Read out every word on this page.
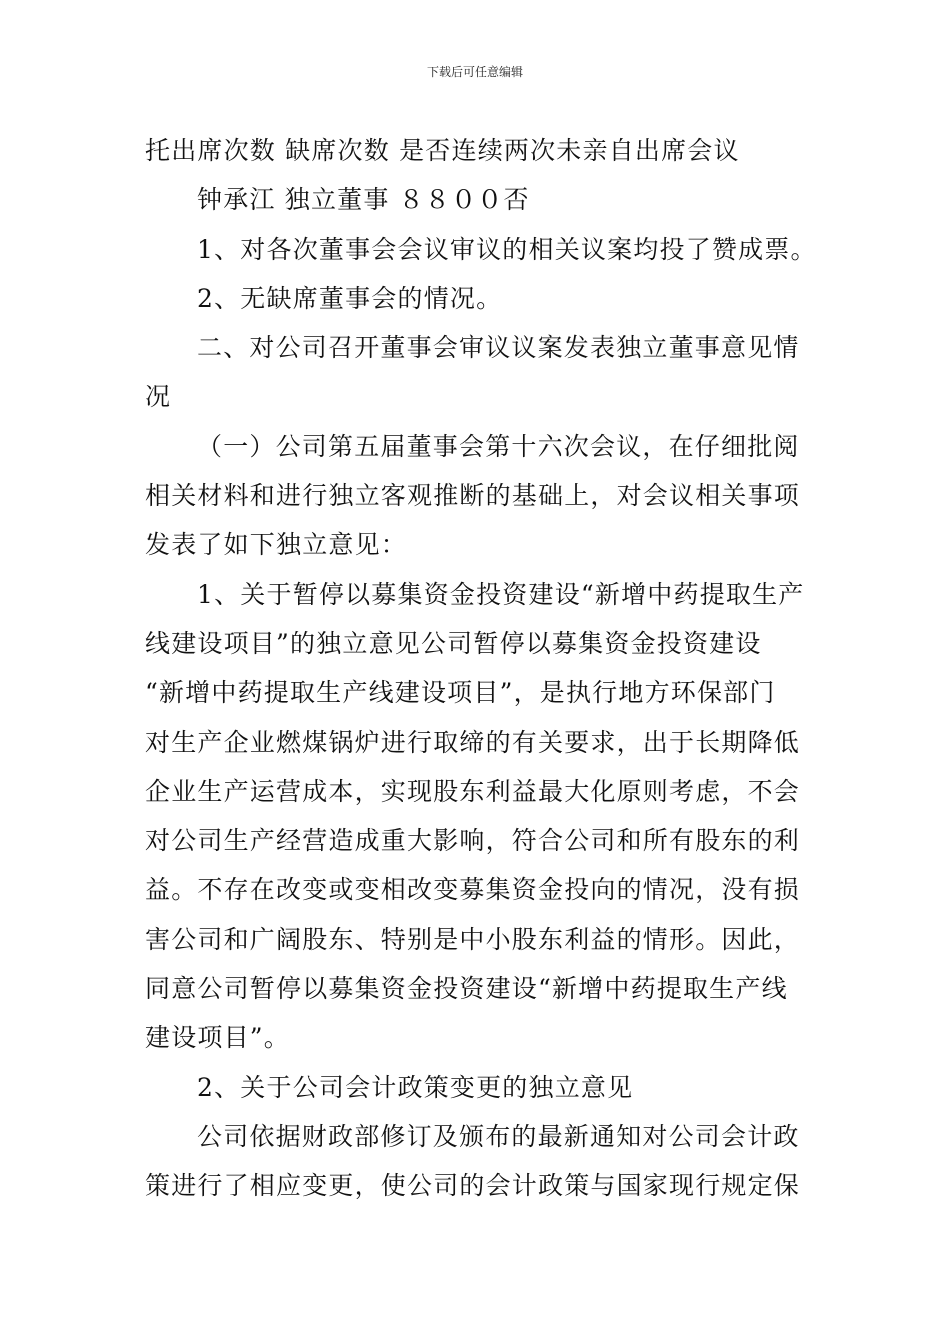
下载后可任意编辑
托出席次数 缺席次数 是否连续两次未亲自出席会议
钟承江 独立董事 ８８００否
1、对各次董事会会议审议的相关议案均投了赞成票。
2、无缺席董事会的情况。
二、对公司召开董事会审议议案发表独立董事意见情
况
（一）公司第五届董事会第十六次会议，在仔细批阅
相关材料和进行独立客观推断的基础上，对会议相关事项
发表了如下独立意见：
1、关于暂停以募集资金投资建设“新增中药提取生产
线建设项目”的独立意见公司暂停以募集资金投资建设
“新增中药提取生产线建设项目”，是执行地方环保部门
对生产企业燃煤锅炉进行取缔的有关要求，出于长期降低
企业生产运营成本，实现股东利益最大化原则考虑，不会
对公司生产经营造成重大影响，符合公司和所有股东的利
益。不存在改变或变相改变募集资金投向的情况，没有损
害公司和广阔股东、特别是中小股东利益的情形。因此，
同意公司暂停以募集资金投资建设“新增中药提取生产线
建设项目”。
2、关于公司会计政策变更的独立意见
公司依据财政部修订及颁布的最新通知对公司会计政
策进行了相应变更，使公司的会计政策与国家现行规定保
